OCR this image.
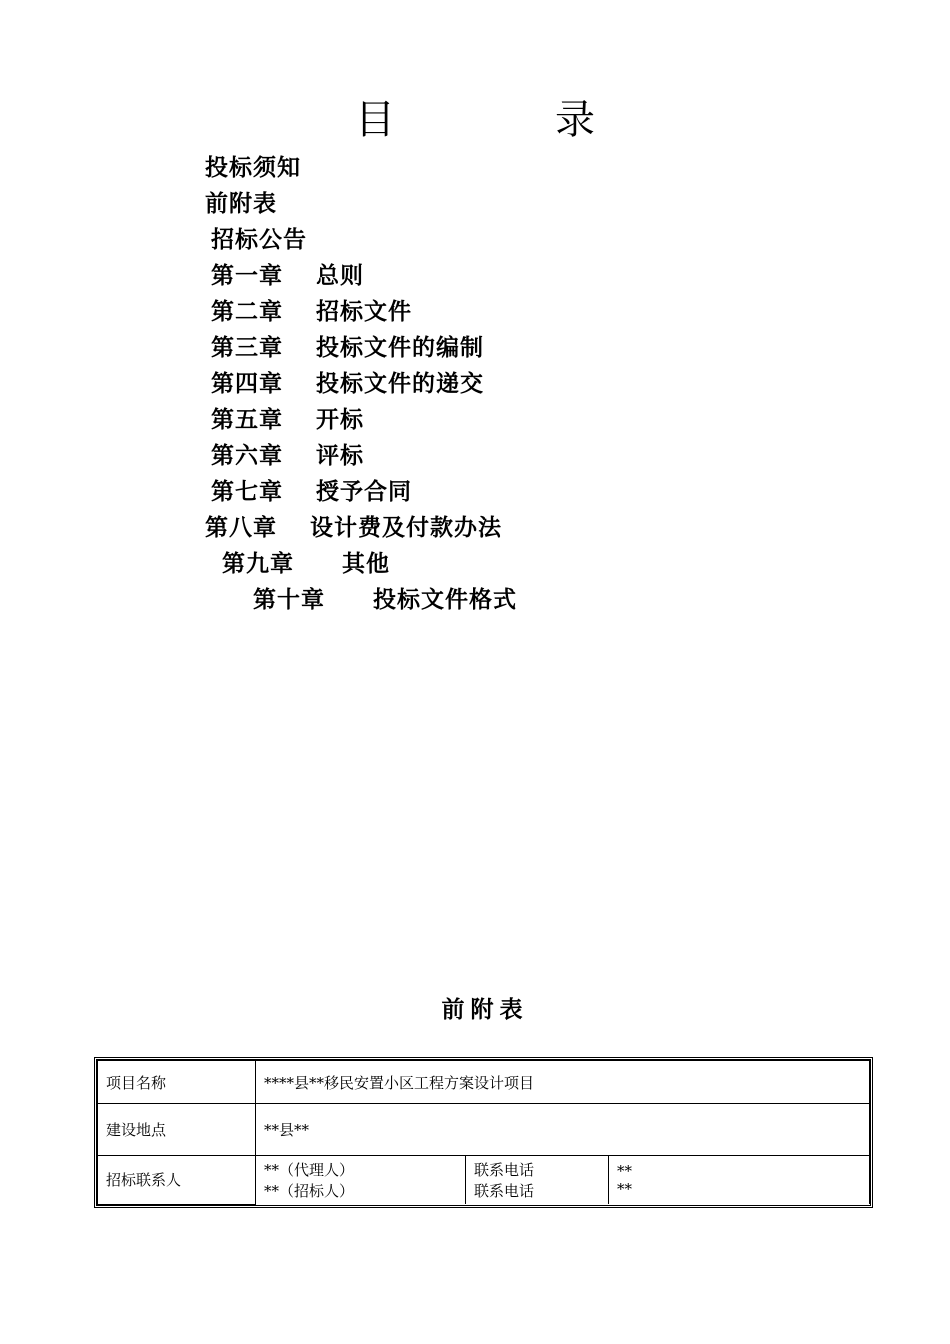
目　录
投标须知
前附表
招标公告
第一章　 总则
第二章　 招标文件
第三章　 投标文件的编制
第四章　 投标文件的递交
第五章　 开标
第六章　 评标
第七章　 授予合同
第八章　 设计费及付款办法
第九章　　其他
第十章　　投标文件格式
前附表
项目名称	****县**移民安置小区工程方案设计项目		
建设地点	**县**		
招标联系人	**（代理人）	联系电话	**
	**（招标人）	联系电话	**
